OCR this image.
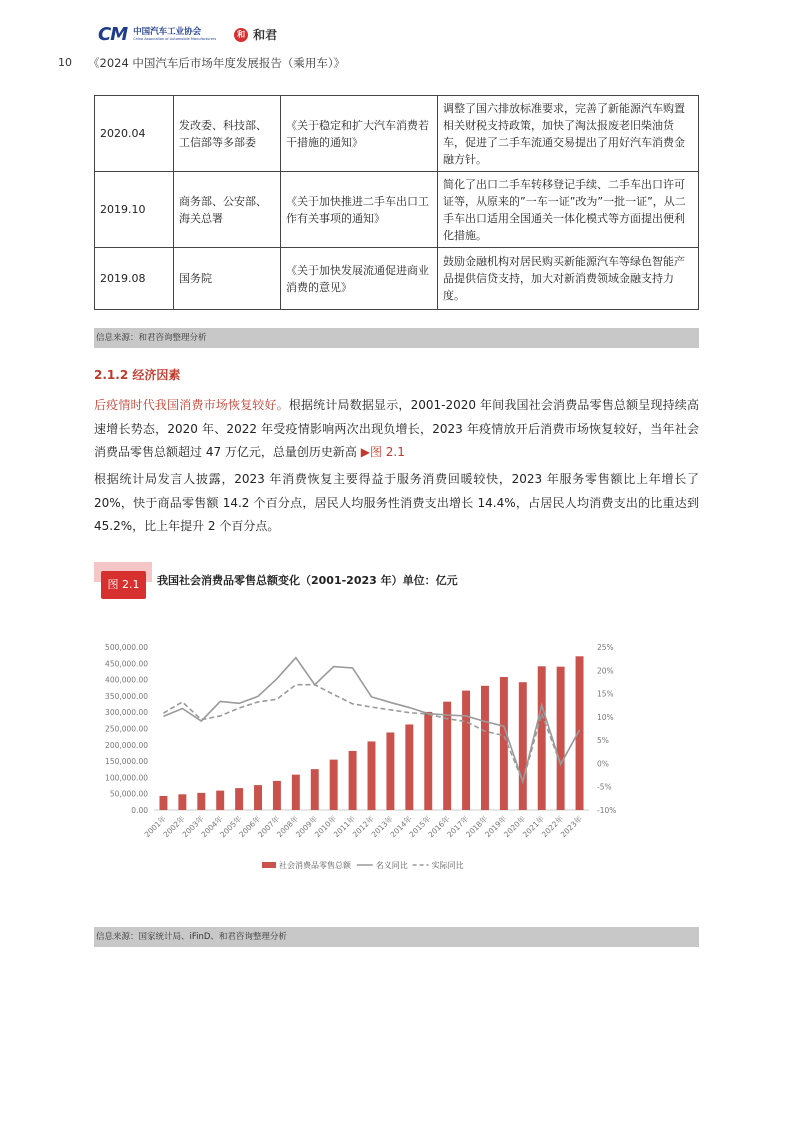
CM 中国汽车工业协会
China Association of Automobile Manufacturers	和 和君
10 《2024 中国汽车后市场年度发展报告（乘用车）》
2020.04	发改委、科技部、工信部等多部委	《关于稳定和扩大汽车消费若干措施的通知》	调整了国六排放标准要求，完善了新能源汽车购置相关财税支持政策，加快了淘汰报废老旧柴油货车，促进了二手车流通交易提出了用好汽车消费金融方针。
2019.10	商务部、公安部、海关总署	《关于加快推进二手车出口工作有关事项的通知》	简化了出口二手车转移登记手续、二手车出口许可证等，从原来的”一车一证”改为”一批一证”，从二手车出口适用全国通关一体化模式等方面提出便利化措施。
2019.08	国务院	《关于加快发展流通促进商业消费的意见》	鼓励金融机构对居民购买新能源汽车等绿色智能产品提供信贷支持，加大对新消费领域金融支持力度。
信息来源：和君咨询整理分析
2.1.2 经济因素
后疫情时代我国消费市场恢复较好。根据统计局数据显示，2001-2020 年间我国社会消费品零售总额呈现持续高速增长势态，2020 年、2022 年受疫情影响两次出现负增长，2023 年疫情放开后消费市场恢复较好，当年社会消费品零售总额超过 47 万亿元，总量创历史新高 ▶图 2.1
根据统计局发言人披露，2023 年消费恢复主要得益于服务消费回暖较快，2023 年服务零售额比上年增长了 20%，快于商品零售额 14.2 个百分点，居民人均服务性消费支出增长 14.4%，占居民人均消费支出的比重达到 45.2%，比上年提升 2 个百分点。
图 2.1	我国社会消费品零售总额变化（2001-2023 年）单位：亿元
0.00
50,000.00
100,000.00
150,000.00
200,000.00
250,000.00
300,000.00
350,000.00
400,000.00
450,000.00
500,000.00
-10%
-5%
0%
5%
10%
15%
20%
25%
2001年
2002年
2003年
2004年
2005年
2006年
2007年
2008年
2009年
2010年
2011年
2012年
2013年
2014年
2015年
2016年
2017年
2018年
2019年
2020年
2021年
2022年
2023年
社会消费品零售总额	名义同比	实际同比
信息来源：国家统计局、iFinD、和君咨询整理分析
